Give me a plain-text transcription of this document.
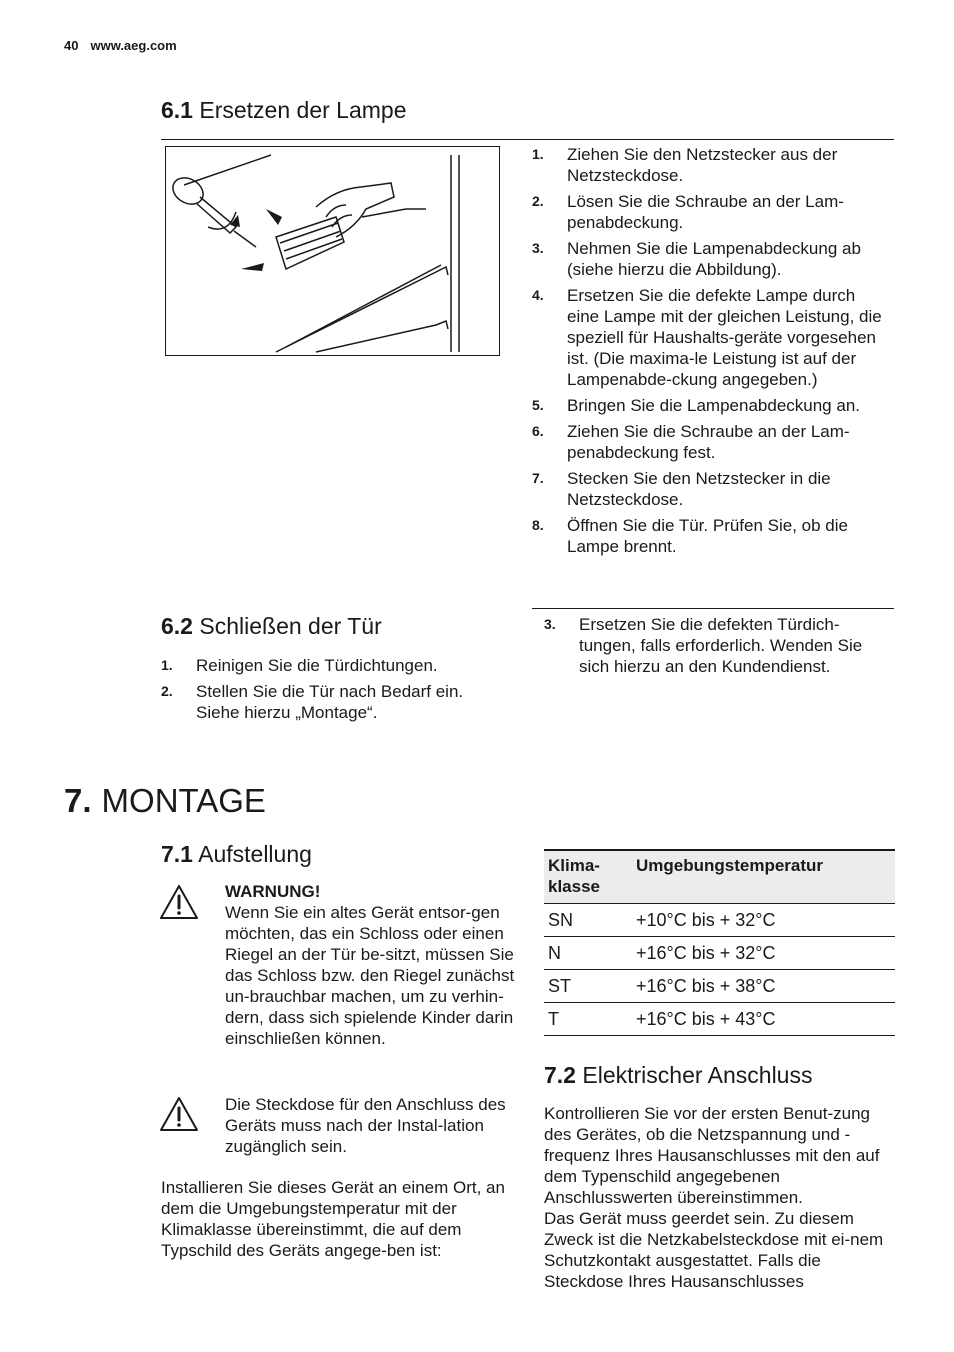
40 www.aeg.com
6.1 Ersetzen der Lampe
1. Ziehen Sie den Netzstecker aus der Netzsteckdose.
2. Lösen Sie die Schraube an der Lam-penabdeckung.
3. Nehmen Sie die Lampenabdeckung ab (siehe hierzu die Abbildung).
4. Ersetzen Sie die defekte Lampe durch eine Lampe mit der gleichen Leistung, die speziell für Haushalts-geräte vorgesehen ist. (Die maxima-le Leistung ist auf der Lampenabde-ckung angegeben.)
5. Bringen Sie die Lampenabdeckung an.
6. Ziehen Sie die Schraube an der Lam-penabdeckung fest.
7. Stecken Sie den Netzstecker in die Netzsteckdose.
8. Öffnen Sie die Tür. Prüfen Sie, ob die Lampe brennt.
6.2 Schließen der Tür
1. Reinigen Sie die Türdichtungen.
2. Stellen Sie die Tür nach Bedarf ein. Siehe hierzu „Montage“.
3. Ersetzen Sie die defekten Türdich-tungen, falls erforderlich. Wenden Sie sich hierzu an den Kundendienst.
7. MONTAGE
7.1 Aufstellung
WARNUNG!
Wenn Sie ein altes Gerät entsor-gen möchten, das ein Schloss oder einen Riegel an der Tür be-sitzt, müssen Sie das Schloss bzw. den Riegel zunächst un-brauchbar machen, um zu verhin-dern, dass sich spielende Kinder darin einschließen können.
Die Steckdose für den Anschluss des Geräts muss nach der Instal-lation zugänglich sein.
Installieren Sie dieses Gerät an einem Ort, an dem die Umgebungstemperatur mit der Klimaklasse übereinstimmt, die auf dem Typschild des Geräts angege-ben ist:
Klima-klasse	Umgebungstemperatur
SN	+10°C bis + 32°C
N	+16°C bis + 32°C
ST	+16°C bis + 38°C
T	+16°C bis + 43°C
7.2 Elektrischer Anschluss
Kontrollieren Sie vor der ersten Benut-zung des Gerätes, ob die Netzspannung und -frequenz Ihres Hausanschlusses mit den auf dem Typenschild angegebenen Anschlusswerten übereinstimmen.
Das Gerät muss geerdet sein. Zu diesem Zweck ist die Netzkabelsteckdose mit ei-nem Schutzkontakt ausgestattet. Falls die Steckdose Ihres Hausanschlusses
